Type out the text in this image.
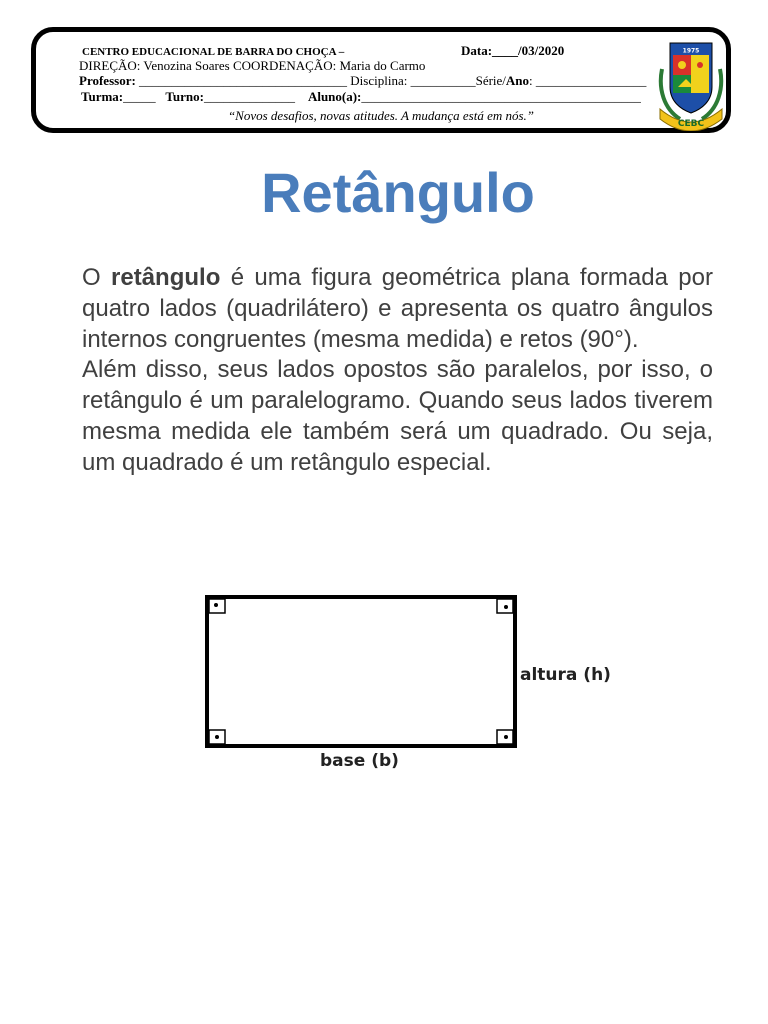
CENTRO EDUCACIONAL DE BARRA DO CHOÇA –	Data:____/03/2020
DIREÇÃO: Venozina Soares COORDENAÇÃO: Maria do Carmo
Professor: ________________________________ Disciplina: __________Série/Ano: _________________
Turma:_____ Turno:______________ Aluno(a):___________________________________________
“Novos desafios, novas atitudes. A mudança está em nós.”
1975
CEBC
Retângulo

O retângulo é uma figura geométrica plana formada por quatro lados (quadrilátero) e apresenta os quatro ângulos internos congruentes (mesma medida) e retos (90°).

Além disso, seus lados opostos são paralelos, por isso, o retângulo é um paralelogramo. Quando seus lados tiverem mesma medida ele também será um quadrado. Ou seja, um quadrado é um retângulo especial.

altura (h)
base (b)
